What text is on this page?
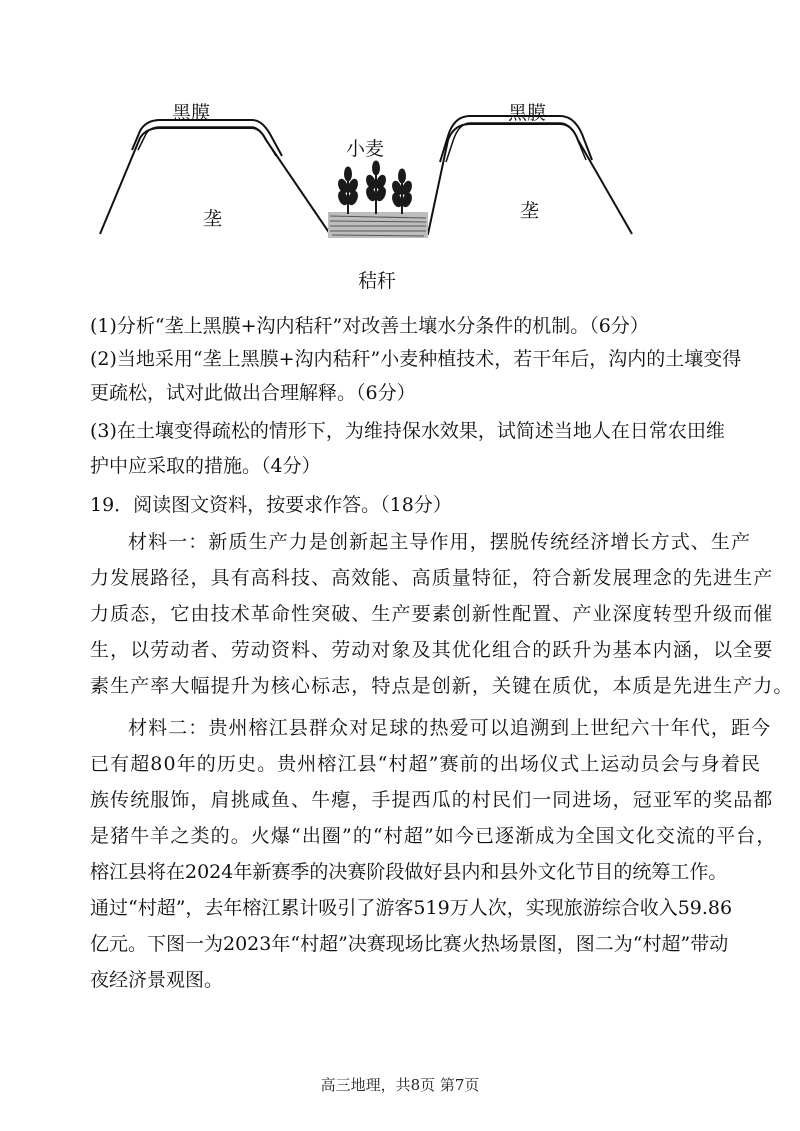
黑膜	黑膜
垄	垄
小麦
秸秆
(1)分析“垄上黑膜+沟内秸秆”对改善土壤水分条件的机制。（6分）
(2)当地采用“垄上黑膜+沟内秸秆”小麦种植技术，若干年后，沟内的土壤变得
更疏松，试对此做出合理解释。（6分）
(3)在土壤变得疏松的情形下，为维持保水效果，试简述当地人在日常农田维
护中应采取的措施。（4分）
19．阅读图文资料，按要求作答。（18分）
材料一：新质生产力是创新起主导作用，摆脱传统经济增长方式、生产
力发展路径，具有高科技、高效能、高质量特征，符合新发展理念的先进生产
力质态，它由技术革命性突破、生产要素创新性配置、产业深度转型升级而催
生，以劳动者、劳动资料、劳动对象及其优化组合的跃升为基本内涵，以全要
素生产率大幅提升为核心标志，特点是创新，关键在质优，本质是先进生产力。
材料二：贵州榕江县群众对足球的热爱可以追溯到上世纪六十年代，距今
已有超80年的历史。贵州榕江县“村超”赛前的出场仪式上运动员会与身着民
族传统服饰，肩挑咸鱼、牛瘪，手提西瓜的村民们一同进场，冠亚军的奖品都
是猪牛羊之类的。火爆“出圈”的“村超”如今已逐渐成为全国文化交流的平台，
榕江县将在2024年新赛季的决赛阶段做好县内和县外文化节目的统筹工作。
通过“村超”，去年榕江累计吸引了游客519万人次，实现旅游综合收入59.86
亿元。下图一为2023年“村超”决赛现场比赛火热场景图，图二为“村超”带动
夜经济景观图。
高三地理，共8页 第7页
